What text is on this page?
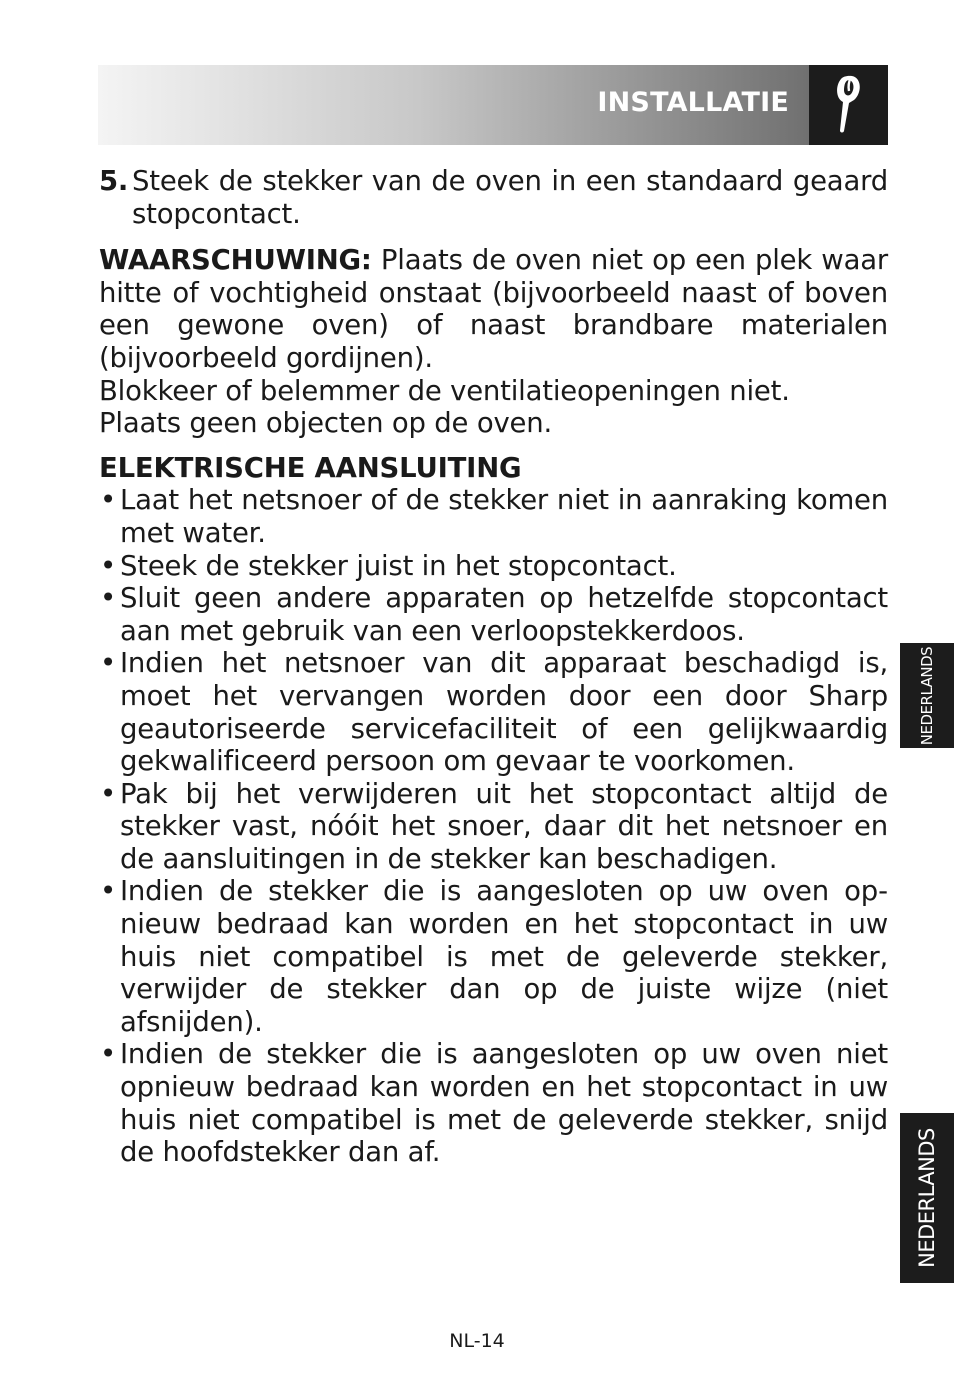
INSTALLATIE
5. Steek de stekker van de oven in een standaard geaard stopcontact.

WAARSCHUWING: Plaats de oven niet op een plek waar hitte of vochtigheid onstaat (bijvoorbeeld naast of boven een gewone oven) of naast brandbare materialen (bijvoorbeeld gordijnen).

Blokkeer of belemmer de ventilatieopeningen niet.

Plaats geen objecten op de oven.

ELEKTRISCHE AANSLUITING
• Laat het netsnoer of de stekker niet in aanraking komen met water.
• Steek de stekker juist in het stopcontact.
• Sluit geen andere apparaten op hetzelfde stopcontact aan met gebruik van een verloopstekkerdoos.
• Indien het netsnoer van dit apparaat beschadigd is, moet het vervangen worden door een door Sharp geautoriseerde servicefaciliteit of een gelijkwaardig gekwalificeerd persoon om gevaar te voorkomen.
• Pak bij het verwijderen uit het stopcontact altijd de stekker vast, nóóit het snoer, daar dit het netsnoer en de aansluitingen in de stekker kan beschadigen.
• Indien de stekker die is aangesloten op uw oven opnieuw bedraad kan worden en het stopcontact in uw huis niet compatibel is met de geleverde stekker, verwijder de stekker dan op de juiste wijze (niet afsnijden).
• Indien de stekker die is aangesloten op uw oven niet opnieuw bedraad kan worden en het stopcontact in uw huis niet compatibel is met de geleverde stekker, snijd de hoofdstekker dan af.
NEDERLANDS
NEDERLANDS
NL-14
